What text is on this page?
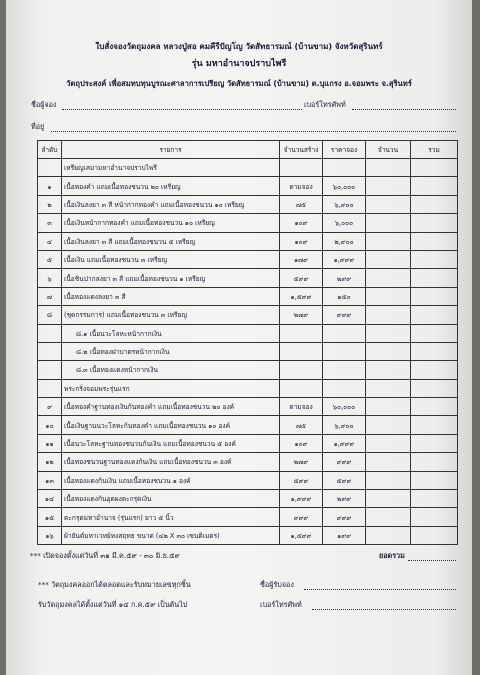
ใบสั่งจองวัตถุมงคล หลวงปู่สอ คมคีรีปัญโญ วัดสัทธารมณ์ (บ้านขาม) จังหวัดสุรินทร์
รุ่น มหาอำนาจปราบไพรี
วัตถุประสงค์ เพื่อสมทบทุนบูรณะศาลาการเปรียญ วัดสัทธารมณ์ (บ้านขาม) ต.บุแกรง อ.จอมพระ จ.สุรินทร์
ชื่อผู้จอง	เบอร์โทรศัพท์
ที่อยู่
ลำดับ	รายการ	จำนวนสร้าง	ราคาจอง	จำนวน	รวม
	เหรียญเสมามหาอำนาจปราบไพรี				
๑	เนื้อทองคำ แถมเนื้อทองชนวน ๒๐ เหรียญ	ตามจอง	๖๐,๐๐๐		
๒	เนื้อเงินลงยา ๓ สี หน้ากากทองคำ แถมเนื้อทองชนวน ๑๐ เหรียญ	๗๕	๖,๙๐๐		
๓	เนื้อเงินหน้ากากทองคำ แถมเนื้อทองชนวน ๑๐ เหรียญ	๑๐๙	๖,๐๐๐		
๔	เนื้อเงินลงยา ๓ สี แถมเนื้อทองชนวน ๕ เหรียญ	๑๐๙	๒,๙๐๐		
๕	เนื้อเงิน แถมเนื้อทองชนวน ๓ เหรียญ	๑๗๙	๑,๙๙๙		
๖	เนื้อชินปากลงยา ๓ สี แถมเนื้อทองชนวน ๑ เหรียญ	๕๙๙	๒๙๙		
๗	เนื้อทองแดงลงยา ๓ สี	๑,๕๙๙	๑๕๐		
๘	(ชุดกรรมการ) แถมเนื้อทองชนวน ๓ เหรียญ	๒๗๙	๙๙๙		
	๘.๑ เนื้อนวะโลหะหน้ากากเงิน				
	๘.๒ เนื้อทองฝาบาตรหน้ากากเงิน				
	๘.๓ เนื้อทองแดงหน้ากากเงิน				
	พระกริ่งจอมพระรุ่นแรก				
๙	เนื้อทองคำฐานทองเงินก้นทองคำ แถมเนื้อทองชนวน ๒๐ องค์	ตามจอง	๖๐,๐๐๐		
๑๐	เนื้อเงินฐานนวะโลหะก้นทองคำ แถมเนื้อทองชนวน ๑๐ องค์	๗๕	๖,๙๐๐		
๑๑	เนื้อนวะโลหะฐานทองชนวนก้นเงิน แถมเนื้อทองชนวน ๕ องค์	๑๐๙	๑,๙๙๙		
๑๒	เนื้อทองชนวนฐานทองแดงก้นเงิน แถมเนื้อทองชนวน ๓ องค์	๒๗๙	๙๙๙		
๑๓	เนื้อทองแดงก้นเงิน แถมเนื้อทองชนวน ๑ องค์	๕๙๙	๕๙๙		
๑๔	เนื้อทองแดงก้นอุดผงตะกรุดเงิน	๑,๙๙๙	๒๙๙		
๑๕	ตะกรุดมหาอำนาจ (รุ่นแรก) ยาว ๕ นิ้ว	๙๙๙	๙๙๙		
๑๖	ผ้ายันต์มหาเวทย์หงสฤทธ ขนาด (๔๒ X ๓๐ เซนติเมตร)	๑,๕๙๙	๑๙๙		
*** เปิดจองตั้งแต่วันที่ ๓๑ มี.ค.๕๙ - ๓๐ มิ.ย.๕๙	ยอดรวม
*** วัตถุมงคลออกได้ตลอดและรับหมายเลขทุกชิ้น	ชื่อผู้รับจอง
รับวัตถุมงคลได้ตั้งแต่วันที่ ๑๔ ก.ค.๕๙ เป็นต้นไป	เบอร์โทรศัพท์
